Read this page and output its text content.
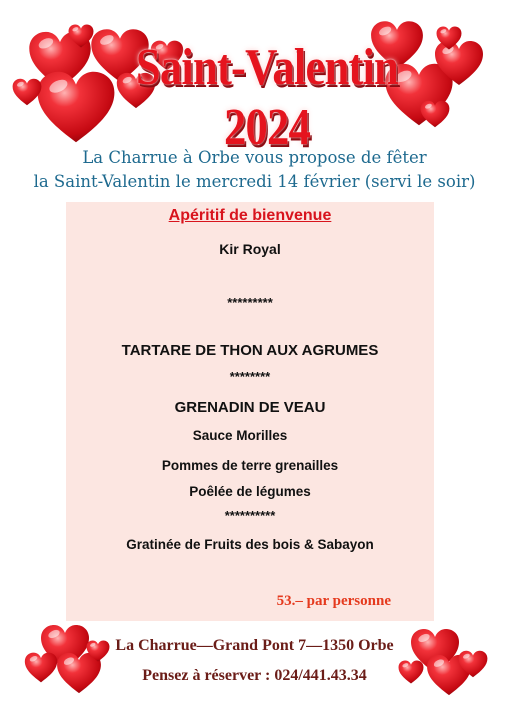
Saint-Valentin 2024
La Charrue à Orbe vous propose de fêter
la Saint-Valentin le mercredi 14 février (servi le soir)
Apéritif de bienvenue
Kir Royal
*********
TARTARE DE THON AUX AGRUMES
********
GRENADIN DE VEAU
Sauce Morilles
Pommes de terre grenailles
Poêlée de légumes
**********
Gratinée de Fruits des bois & Sabayon
53.– par personne
La Charrue—Grand Pont 7—1350 Orbe
Pensez à réserver : 024/441.43.34
